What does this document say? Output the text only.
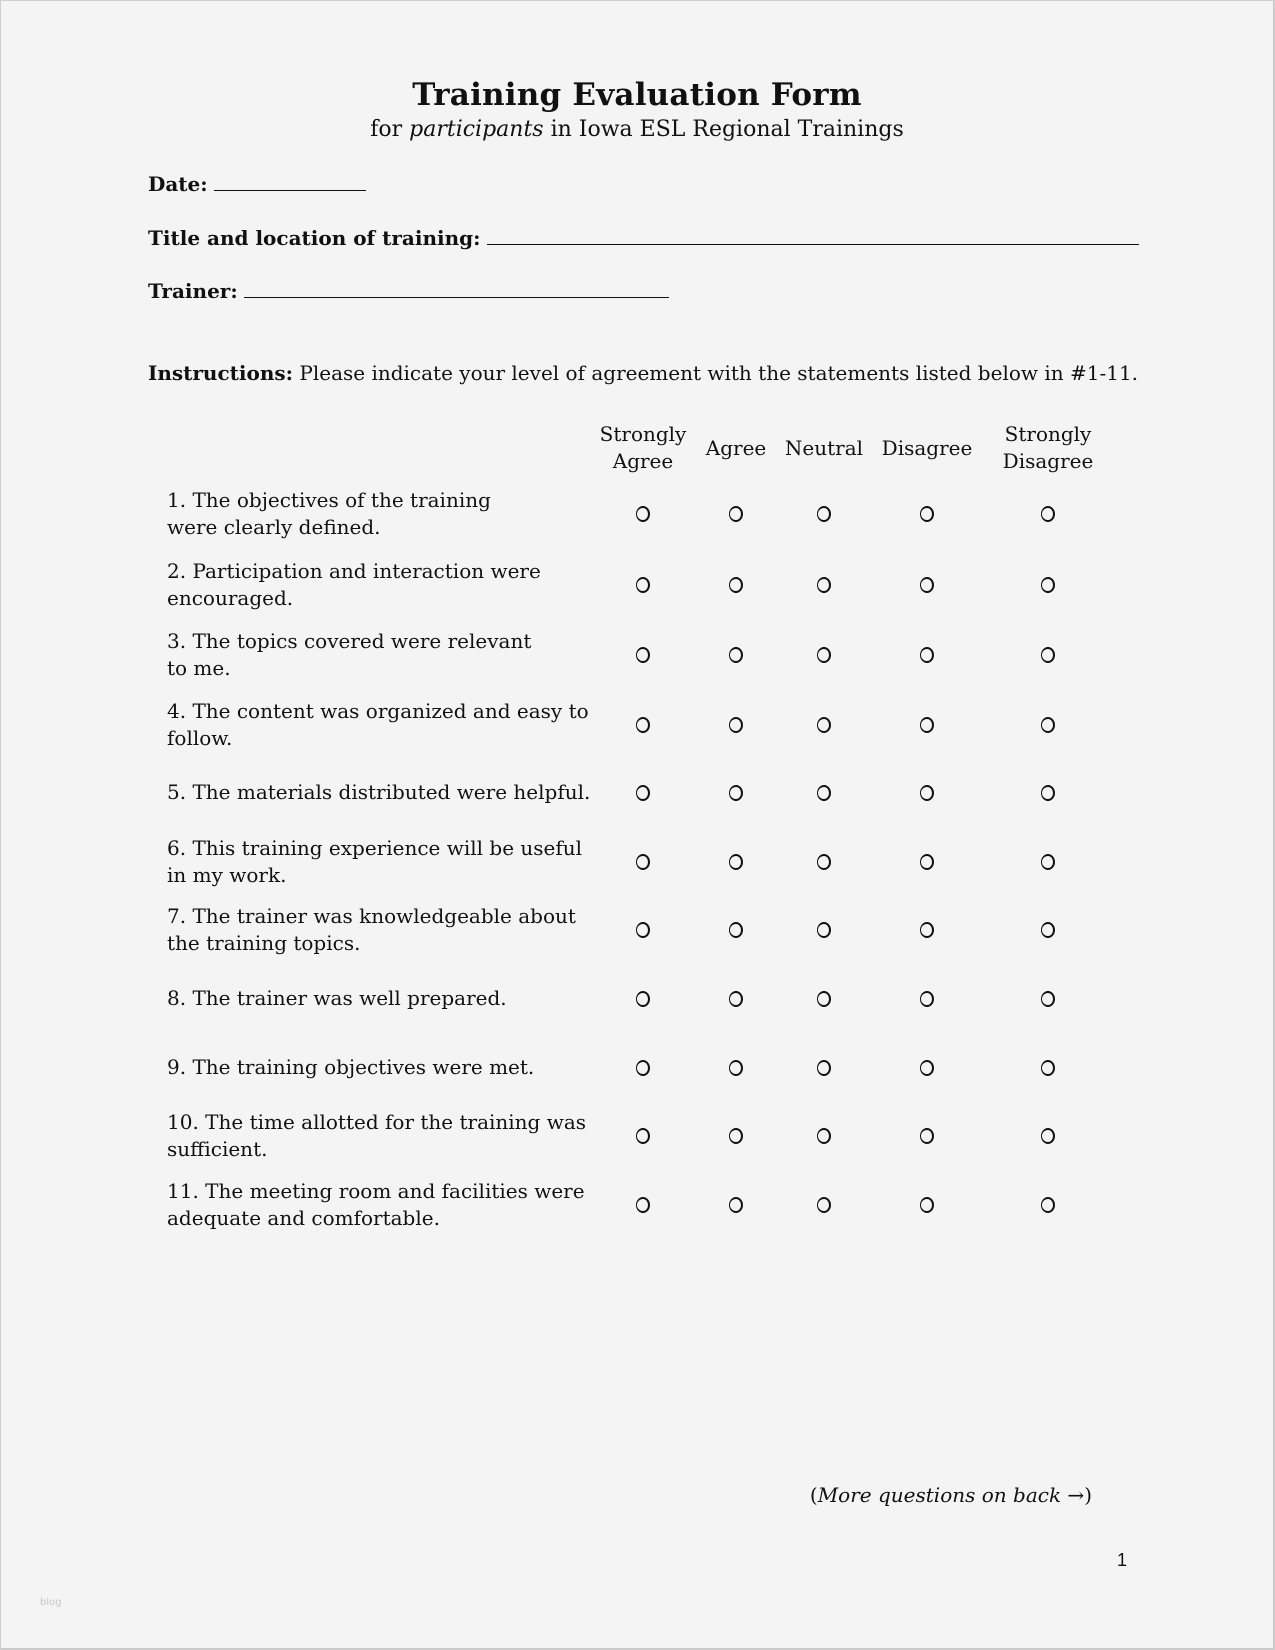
Training Evaluation Form
for participants in Iowa ESL Regional Trainings
Date:
Title and location of training:
Trainer:
Instructions: Please indicate your level of agreement with the statements listed below in #1-11.
Strongly
Agree
Agree Neutral Disagree
Strongly
Disagree
1. The objectives of the training
were clearly defined.
2. Participation and interaction were
encouraged.
3. The topics covered were relevant
to me.
4. The content was organized and easy to
follow.
5. The materials distributed were helpful.
6. This training experience will be useful
in my work.
7. The trainer was knowledgeable about
the training topics.
8. The trainer was well prepared.
9. The training objectives were met.
10. The time allotted for the training was
sufficient.
11. The meeting room and facilities were
adequate and comfortable.
(More questions on back →)
1
blog
